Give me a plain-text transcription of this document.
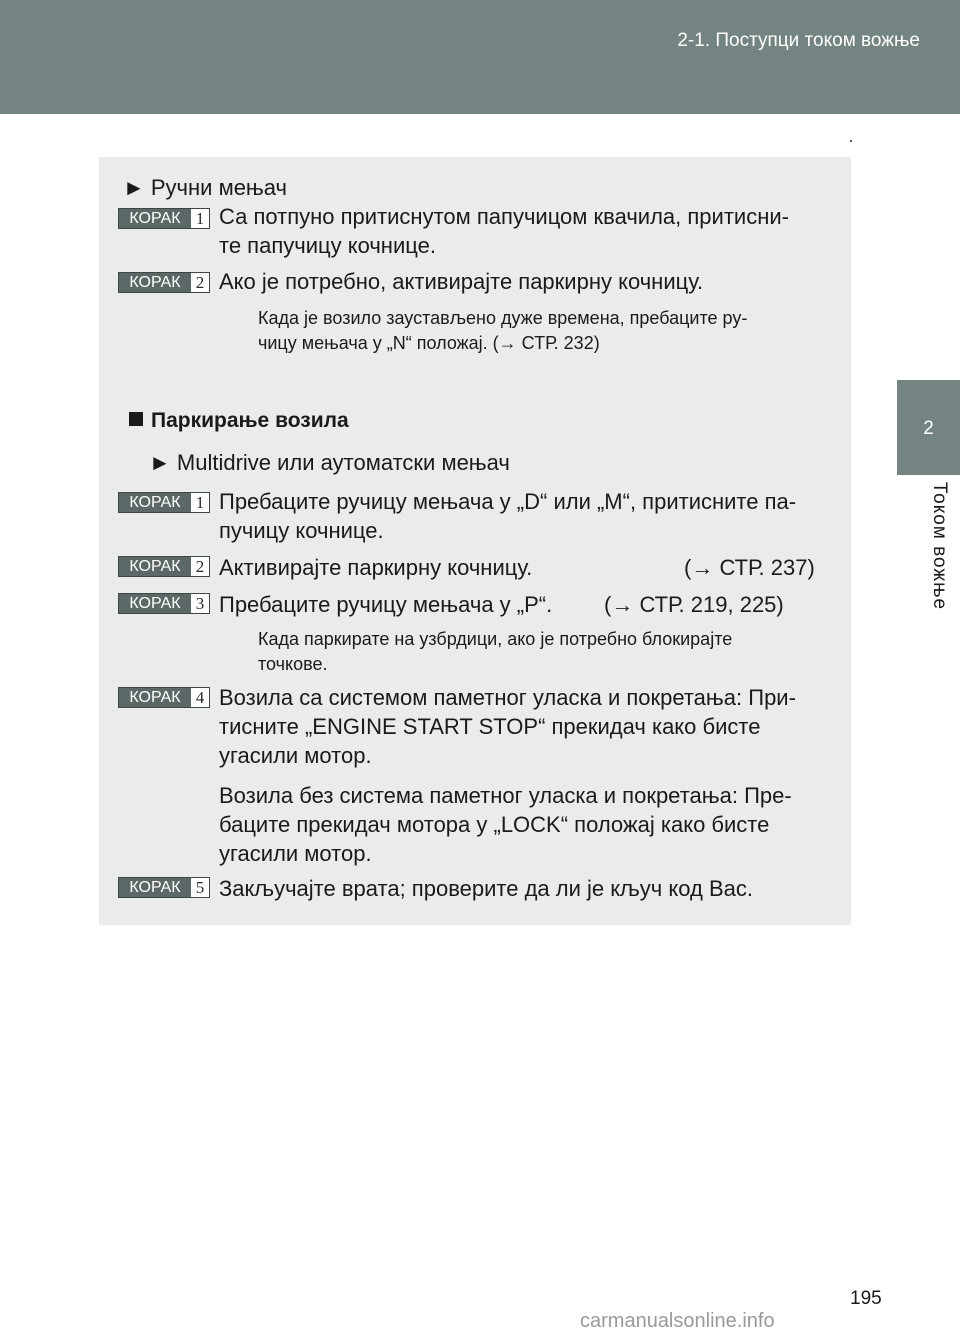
2-1. Поступци током вожње
2
Током вожње
► Ручни мењач
КОРАК 1 Са потпуно притиснутом папучицом квачила, притисни-
те папучицу кочнице.
КОРАК 2 Ако је потребно, активирајте паркирну кочницу.
Када је возило заустављено дуже времена, пребаците ру-
чицу мењача у „N“ положај. (→ СТР. 232)
Паркирање возила
► Multidrive или аутоматски мењач
КОРАК 1 Пребаците ручицу мењача у „D“ или „M“, притисните па-
пучицу кочнице.
КОРАК 2 Активирајте паркирну кочницу.	(→ СТР. 237)
КОРАК 3 Пребаците ручицу мењача у „P“.	(→ СТР. 219, 225)
Када паркирате на узбрдици, ако је потребно блокирајте
точкове.
КОРАК 4 Возила са системом паметног уласка и покретања: При-
тисните „ENGINE START STOP“ прекидач како бисте
угасили мотор.
Возила без система паметног уласка и покретања: Пре-
баците прекидач мотора у „LOCK“ положај како бисте
угасили мотор.
КОРАК 5 Закључајте врата; проверите да ли је кључ код Вас.
195
carmanualsonline.info
